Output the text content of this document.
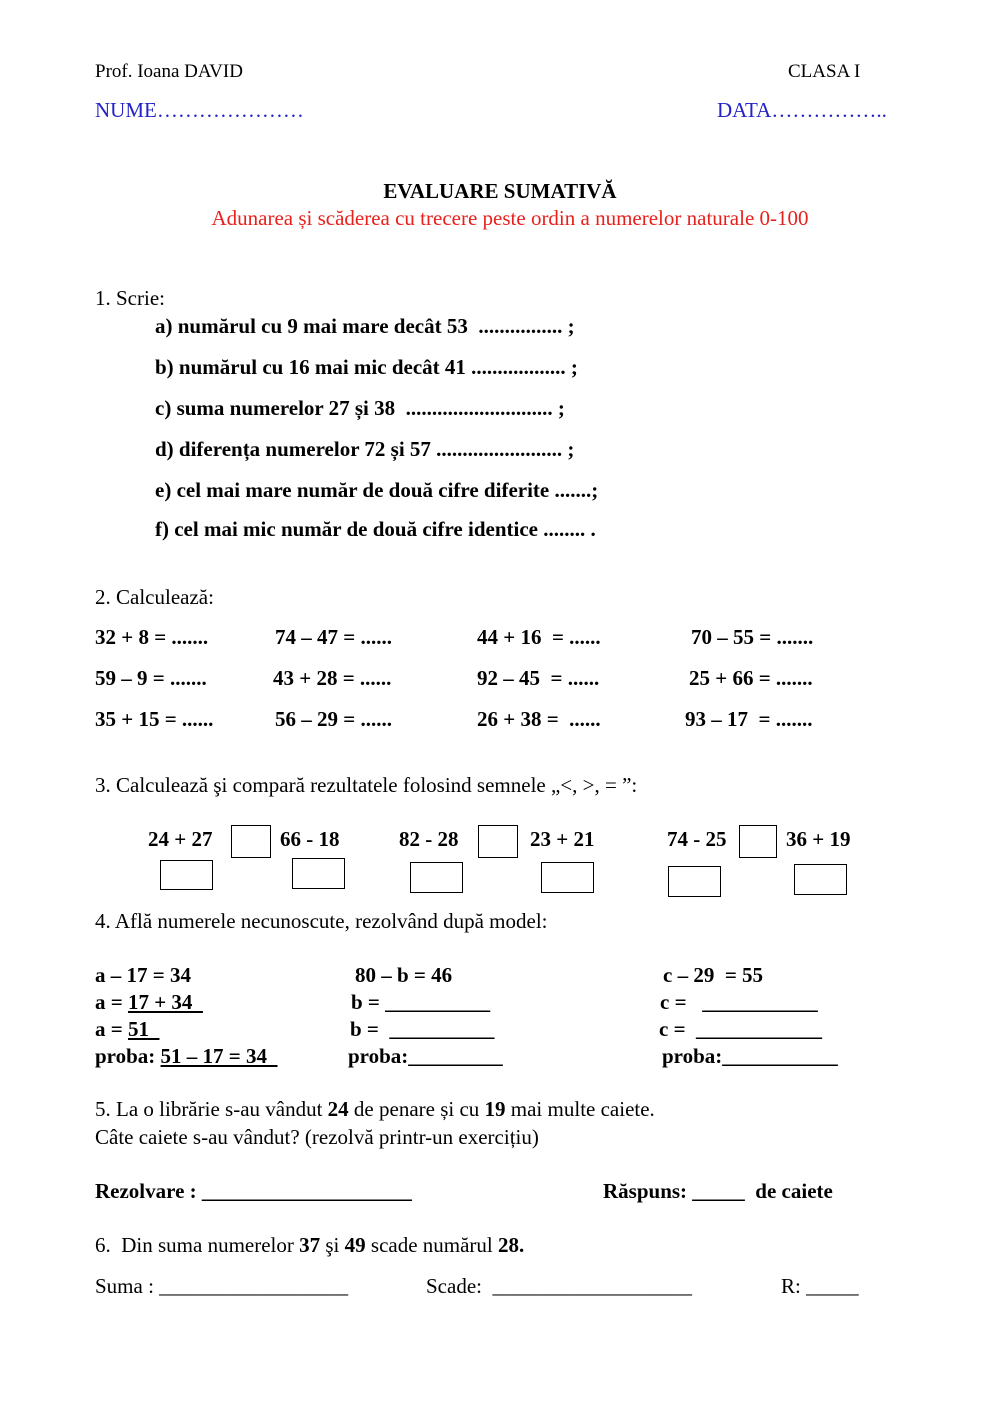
Prof. Ioana DAVID	CLASA I
NUME…………………	DATA……………..
EVALUARE SUMATIVĂ
Adunarea și scăderea cu trecere peste ordin a numerelor naturale 0-100
1. Scrie:
a) numărul cu 9 mai mare decât 53  ................ ;
b) numărul cu 16 mai mic decât 41 .................. ;
c) suma numerelor 27 și 38  ............................ ;
d) diferența numerelor 72 și 57 ........................ ;
e) cel mai mare număr de două cifre diferite .......;
f) cel mai mic număr de două cifre identice ........ .
2. Calculează:
32 + 8 = .......	74 – 47 = ......	44 + 16  = ......	70 – 55 = .......
59 – 9 = .......	43 + 28 = ......	92 – 45  = ......	25 + 66 = .......
35 + 15 = ......	56 – 29 = ......	26 + 38 =  ......	93 – 17  = .......
3. Calculează şi compară rezultatele folosind semnele „<, >, = ”:
24 + 27	66 - 18	82 - 28	23 + 21	74 - 25	36 + 19
4. Află numerele necunoscute, rezolvând după model:
a – 17 = 34
a = 17 + 34
a = 51
proba: 51 – 17 = 34
80 – b = 46
b = __________
b =  __________
proba:_________
c – 29  = 55
c =   ___________
c =  ____________
proba:___________
5. La o librărie s-au vândut 24 de penare și cu 19 mai multe caiete.
Câte caiete s-au vândut? (rezolvă printr-un exercițiu)
Rezolvare : ____________________	Răspuns: _____  de caiete
6.  Din suma numerelor 37 şi 49 scade numărul 28.
Suma : __________________	Scade:  ___________________	R: _____
